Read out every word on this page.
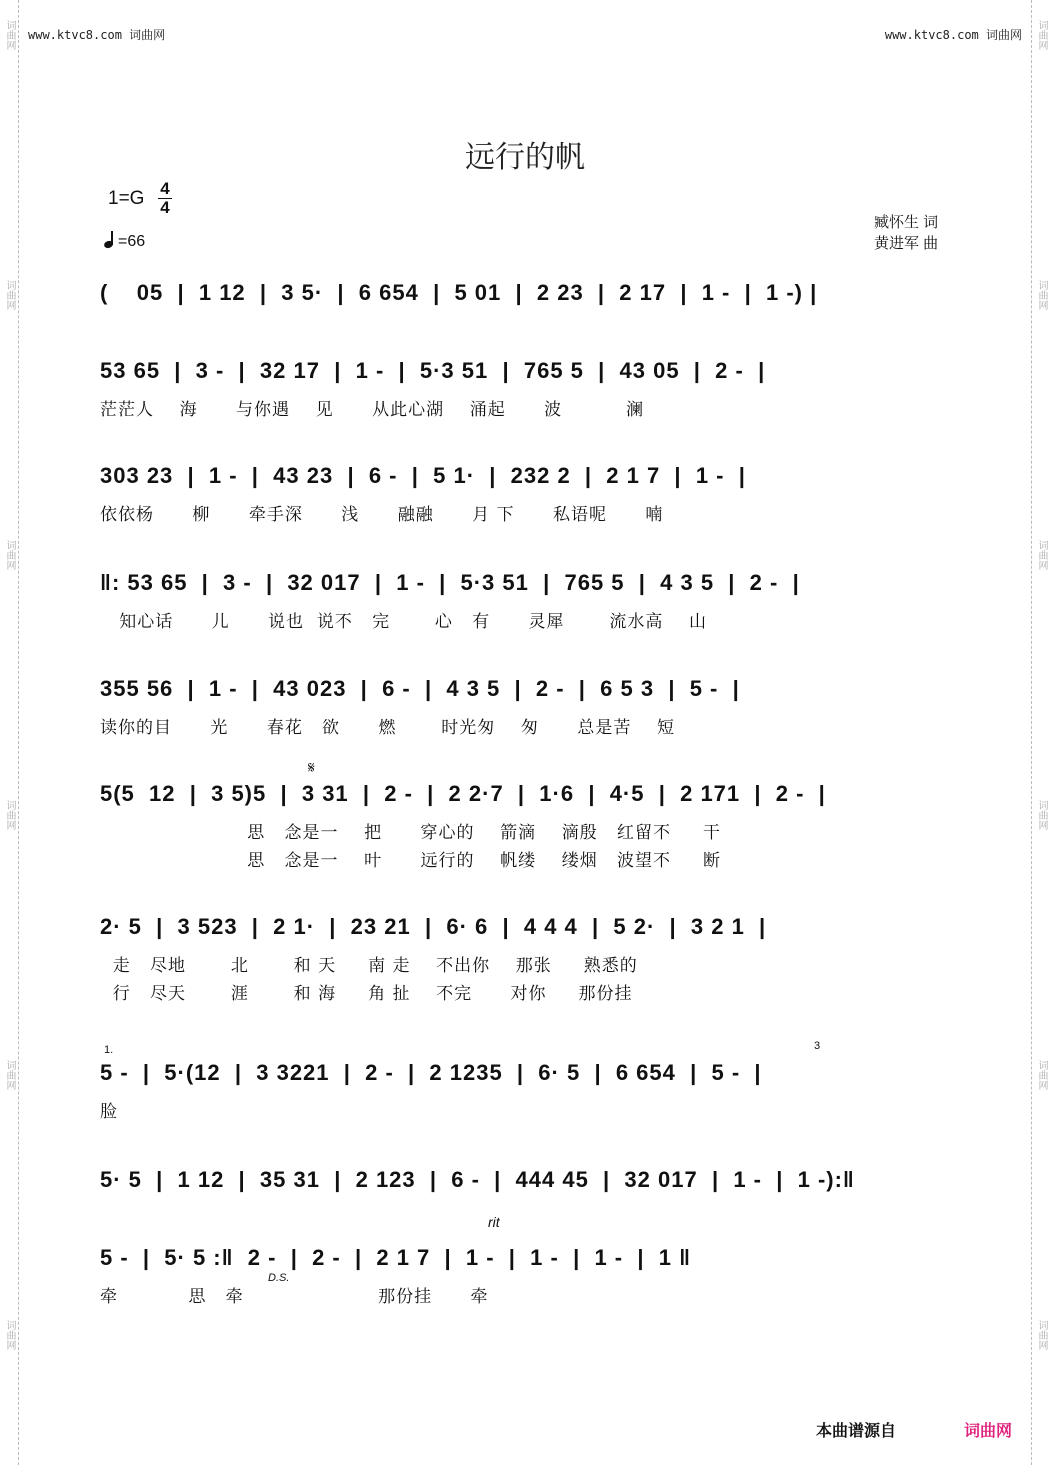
词曲网
词曲网
词曲网
词曲网
词曲网
词曲网
词曲网
词曲网
词曲网
词曲网
词曲网
词曲网
www.ktvc8.com 词曲网	www.ktvc8.com 词曲网
远行的帆
1=G 4
4
=66
臧怀生 词
黄进军 曲
(    05  |  1 12  |  3 5·  |  6 654  |  5 01  |  2 23  |  2 17  |  1 -  |  1 -) |
53 65  |  3 -  |  32 17  |  1 -  |  5·3 51  |  765 5  |  43 05  |  2 -  |
茫茫人    海      与你遇    见      从此心湖    涌起      波          澜
303 23  |  1 -  |  43 23  |  6 -  |  5 1·  |  232 2  |  2 1 7  |  1 -  |
依依杨      柳      牵手深      浅      融融      月 下      私语呢      喃
‖: 53 65  |  3 -  |  32 017  |  1 -  |  5·3 51  |  765 5  |  4 3 5  |  2 -  |
知心话      儿      说也  说不   完       心   有      灵犀       流水高    山
355 56  |  1 -  |  43 023  |  6 -  |  4 3 5  |  2 -  |  6 5 3  |  5 -  |
读你的目      光      春花   欲      燃       时光匆    匆      总是苦    短
5(5  12  |  3 5)5  |  3 31  |  2 -  |  2 2·7  |  1·6  |  4·5  |  2 171  |  2 -  |
思   念是一    把      穿心的    箭滴    滴殷   红留不     干
思   念是一    叶      远行的    帆缕    缕烟   波望不     断
2· 5  |  3 523  |  2 1·  |  23 21  |  6· 6  |  4 4 4  |  5 2·  |  3 2 1  |
走   尽地       北       和 天     南 走    不出你    那张     熟悉的
行   尽天       涯       和 海     角 扯    不完      对你     那份挂
5 -  |  5·(12  |  3 3221  |  2 -  |  2 1235  |  6· 5  |  6 654  |  5 -  |
脸
5· 5  |  1 12  |  35 31  |  2 123  |  6 -  |  444 45  |  32 017  |  1 -  |  1 -):‖
5 -  |  5· 5 :‖  2 -  |  2 -  |  2 1 7  |  1 -  |  1 -  |  1 -  |  1 ‖
牵           思   牵                     那份挂      牵
D.S.
rit
𝄋
1.	3
本曲谱源自	词曲网
